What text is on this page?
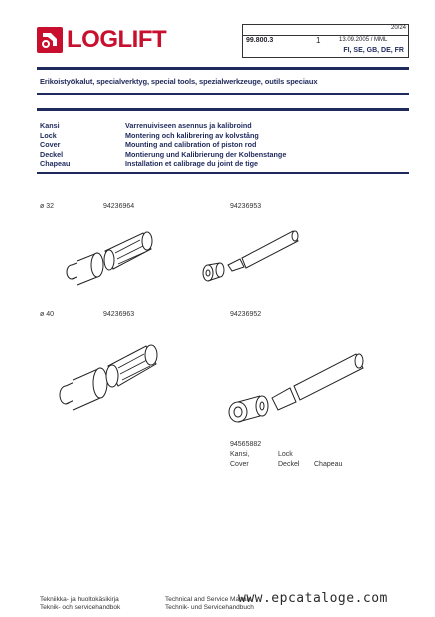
LOGLIFT	20/24
99.800.3	1	13.09.2005 / MML
FI, SE, GB, DE, FR
Erikoistyökalut, specialverktyg, special tools, spezialwerkzeuge, outils speciaux
Kansi	Varrenuiviseen asennus ja kalibroind
Lock	Montering och kalibrering av kolvstång
Cover	Mounting and calibration of piston rod
Deckel	Montierung und Kalibrierung der Kolbenstange
Chapeau	Installation et calibrage du joint de tige
ø 32	94236964	94236953
ø 40	94236963	94236952
94565882
Kansi,	Lock
Cover	Deckel Chapeau
Tekniikka- ja huoltokäsikirja
Teknik- och servicehandbok
Technical and Service Manual
Technik- und Servicehandbuch
www.epcataloge.com
